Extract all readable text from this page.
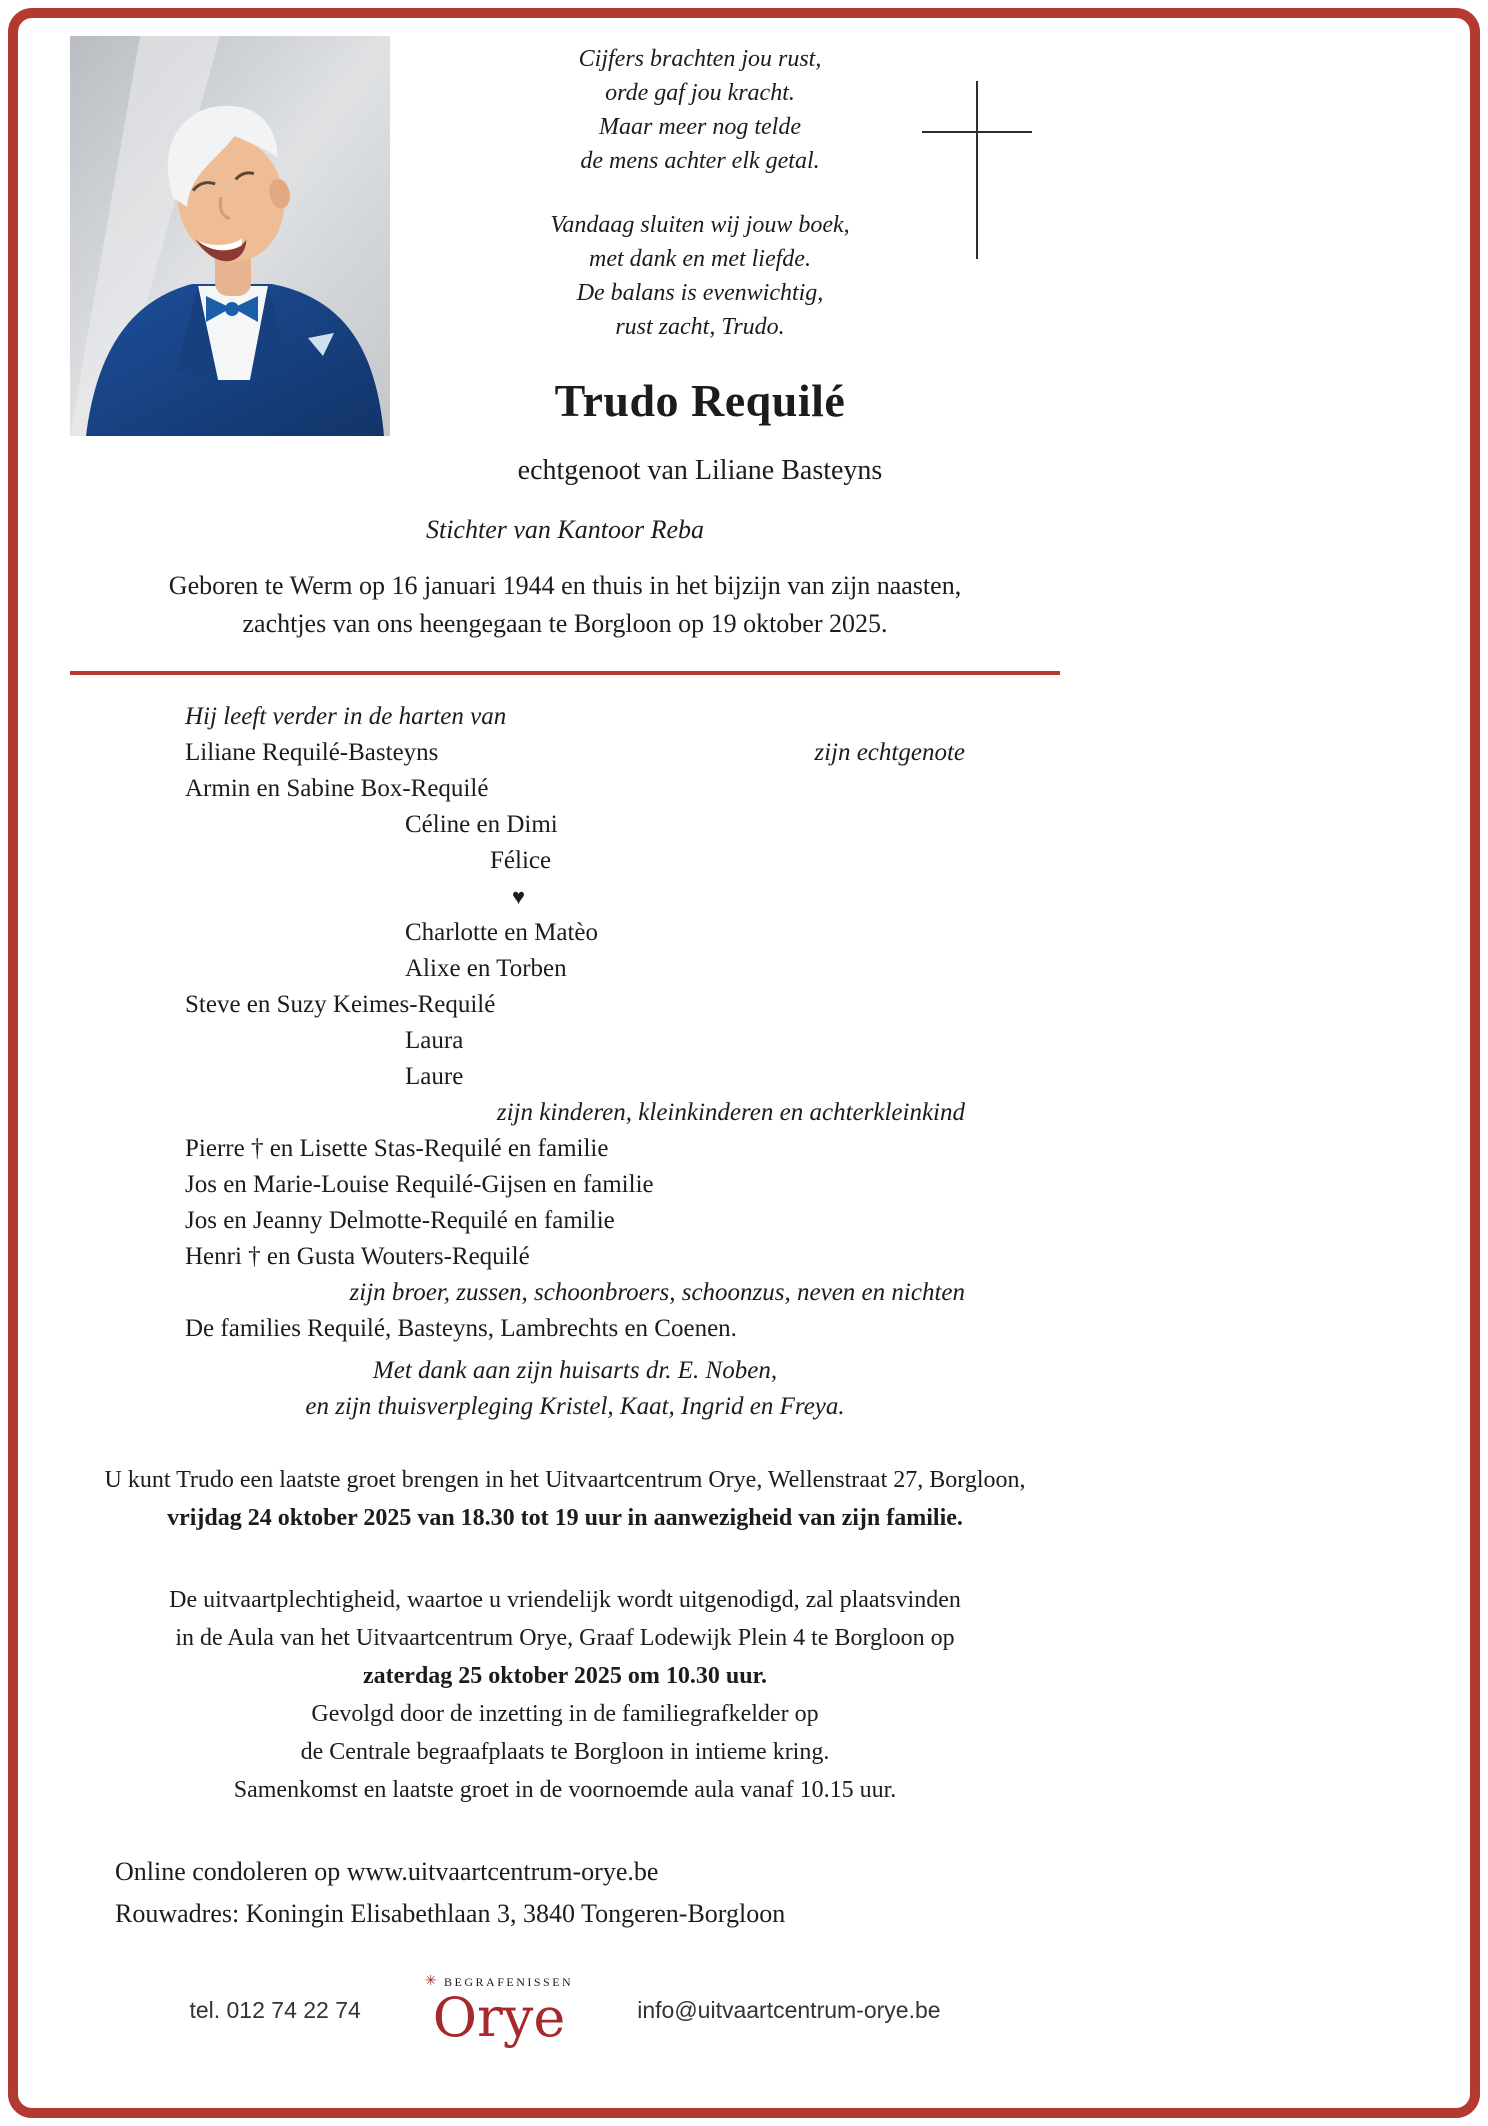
Cijfers brachten jou rust,
orde gaf jou kracht.
Maar meer nog telde
de mens achter elk getal.
Vandaag sluiten wij jouw boek,
met dank en met liefde.
De balans is evenwichtig,
rust zacht, Trudo.
Trudo Requilé
echtgenoot van Liliane Basteyns
Stichter van Kantoor Reba
Geboren te Werm op 16 januari 1944 en thuis in het bijzijn van zijn naasten,
zachtjes van ons heengegaan te Borgloon op 19 oktober 2025.
Hij leeft verder in de harten van
Liliane Requilé-Basteyns	zijn echtgenote
Armin en Sabine Box-Requilé
Céline en Dimi
Félice
♥
Charlotte en Matèo
Alixe en Torben
Steve en Suzy Keimes-Requilé
Laura
Laure
zijn kinderen, kleinkinderen en achterkleinkind
Pierre † en Lisette Stas-Requilé en familie
Jos en Marie-Louise Requilé-Gijsen en familie
Jos en Jeanny Delmotte-Requilé en familie
Henri † en Gusta Wouters-Requilé
zijn broer, zussen, schoonbroers, schoonzus, neven en nichten
De families Requilé, Basteyns, Lambrechts en Coenen.
Met dank aan zijn huisarts dr. E. Noben,
en zijn thuisverpleging Kristel, Kaat, Ingrid en Freya.
U kunt Trudo een laatste groet brengen in het Uitvaartcentrum Orye, Wellenstraat 27, Borgloon,
vrijdag 24 oktober 2025 van 18.30 tot 19 uur in aanwezigheid van zijn familie.
De uitvaartplechtigheid, waartoe u vriendelijk wordt uitgenodigd, zal plaatsvinden
in de Aula van het Uitvaartcentrum Orye, Graaf Lodewijk Plein 4 te Borgloon op
zaterdag 25 oktober 2025 om 10.30 uur.
Gevolgd door de inzetting in de familiegrafkelder op
de Centrale begraafplaats te Borgloon in intieme kring.
Samenkomst en laatste groet in de voornoemde aula vanaf 10.15 uur.
Online condoleren op www.uitvaartcentrum-orye.be
Rouwadres: Koningin Elisabethlaan 3, 3840 Tongeren-Borgloon
tel. 012 74 22 74
✳ BEGRAFENISSEN
Orye	info@uitvaartcentrum-orye.be
